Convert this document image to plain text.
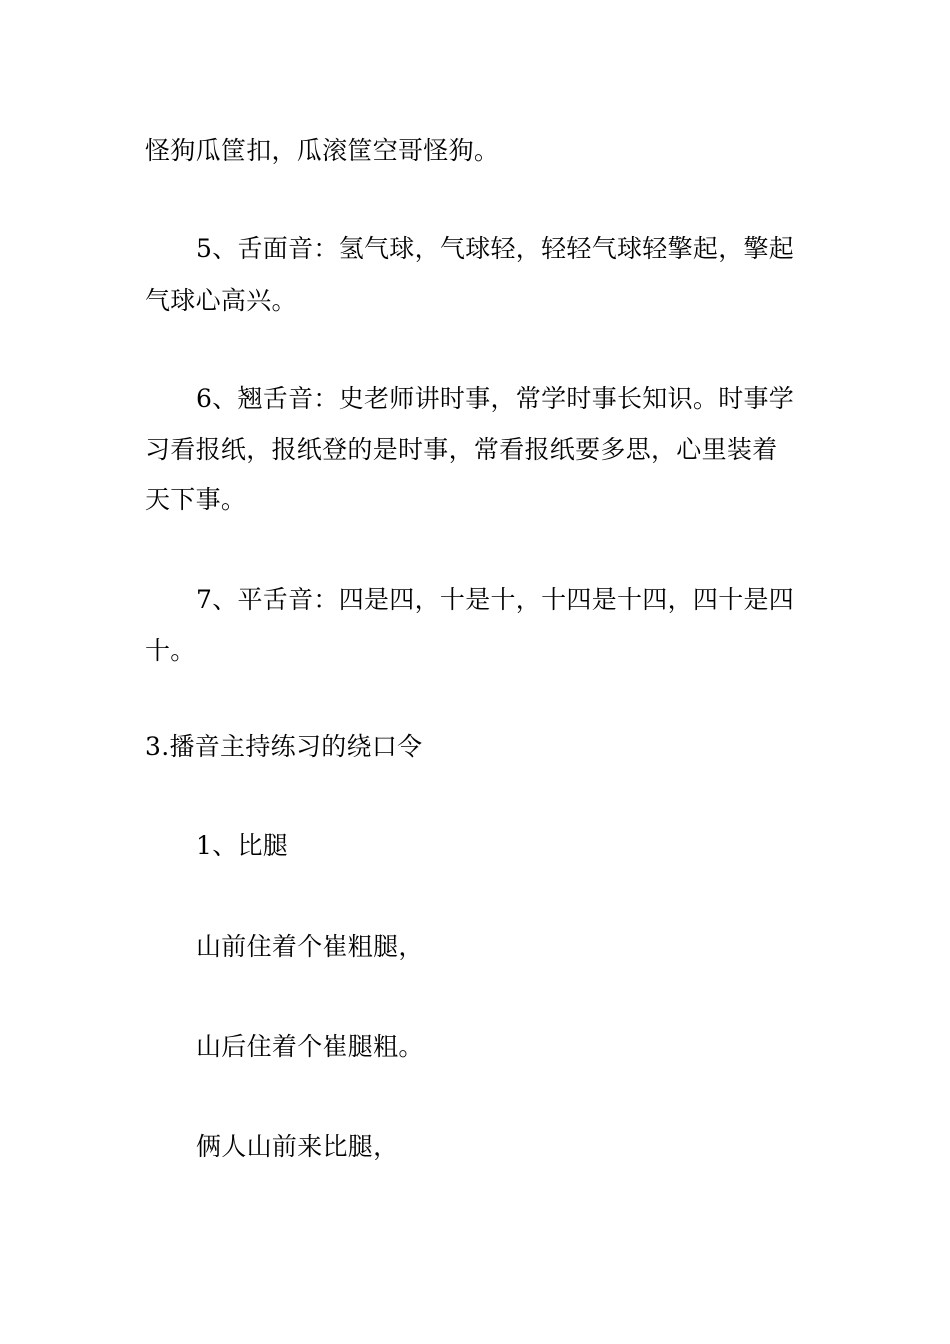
怪狗瓜筐扣，瓜滚筐空哥怪狗。
5、舌面音：氢气球，气球轻，轻轻气球轻擎起，擎起
气球心高兴。
6、翘舌音：史老师讲时事，常学时事长知识。时事学
习看报纸，报纸登的是时事，常看报纸要多思，心里装着
天下事。
7、平舌音：四是四，十是十，十四是十四，四十是四
十。
3.播音主持练习的绕口令
1、比腿
山前住着个崔粗腿，
山后住着个崔腿粗。
俩人山前来比腿，
